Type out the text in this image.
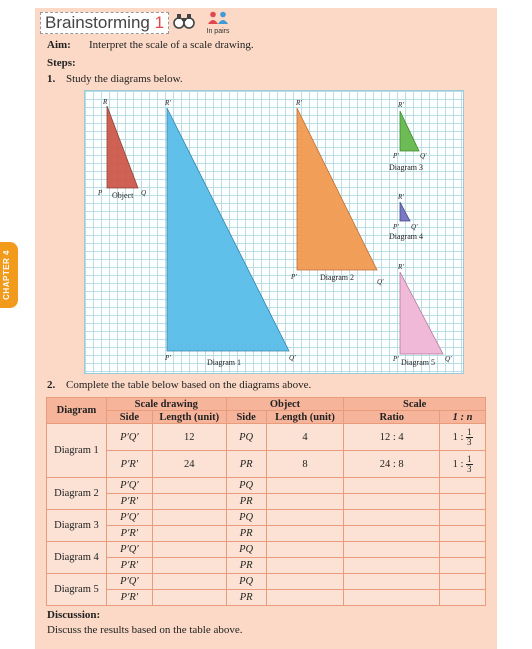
CHAPTER 4
Brainstorming 1	In pairs
Aim: Interpret the scale of a scale drawing.
Steps:
1. Study the diagrams below.
R
P	Q
Object
R′
P′	Q′
Diagram 1
R′
P′
Q′
Diagram 2
R′
P′	Q′
Diagram 3
R′
P′ Q′
Diagram 4
R′
P′	Q′
Diagram 5
2. Complete the table below based on the diagrams above.
Diagram	Scale drawing		Object		Scale	
	Side	Length (unit)	Side	Length (unit)	Ratio	1 : n
Diagram 1	P′Q′	12	PQ	4	12 : 4	1 : $\frac{1}{3}$

	P′R′	24	PR	8	24 : 8	1 : $\frac{1}{3}$

Diagram 2	P′Q′		PQ			
	P′R′		PR			
Diagram 3	P′Q′		PQ			
	P′R′		PR			
Diagram 4	P′Q′		PQ			
	P′R′		PR			
Diagram 5	P′Q′		PQ			
	P′R′		PR			
Discussion:
Discuss the results based on the table above.
